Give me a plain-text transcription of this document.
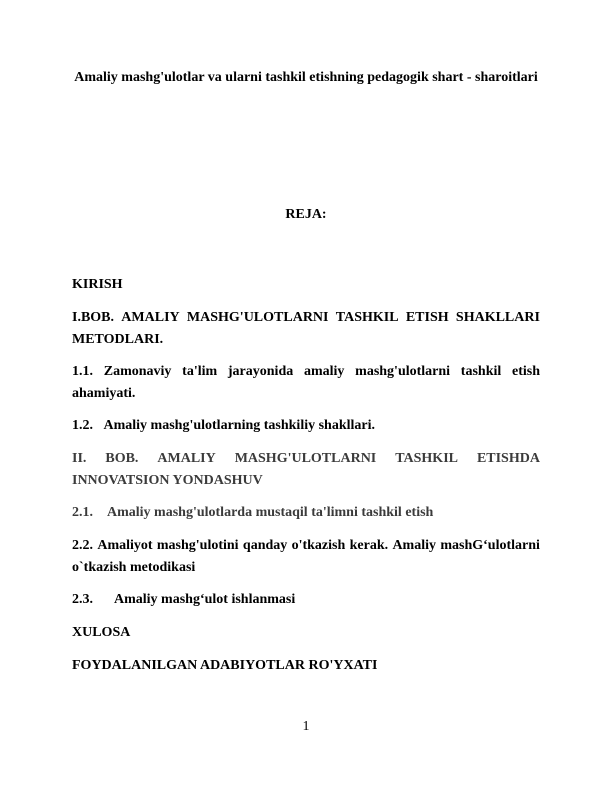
Amaliy mashg'ulotlar va ularni tashkil etishning pedagogik shart - sharoitlari
REJA:
KIRISH
I.BOB. AMALIY MASHG'ULOTLARNI TASHKIL ETISH SHAKLLARI
METODLARI.
1.1. Zamonaviy ta'lim jarayonida amaliy mashg'ulotlarni tashkil etish
ahamiyati.
1.2. Amaliy mashg'ulotlarning tashkiliy shakllari.
II. BOB. AMALIY MASHG'ULOTLARNI TASHKIL ETISHDA
INNOVATSION YONDASHUV
2.1. Amaliy mashg'ulotlarda mustaqil ta'limni tashkil etish
2.2. Amaliyot mashg'ulotini qanday o'tkazish kerak. Amaliy mashG‘ulotlarni
o`tkazish metodikasi
2.3. Amaliy mashg‘ulot ishlanmasi
XULOSA
FOYDALANILGAN ADABIYOTLAR RO'YXATI
1
